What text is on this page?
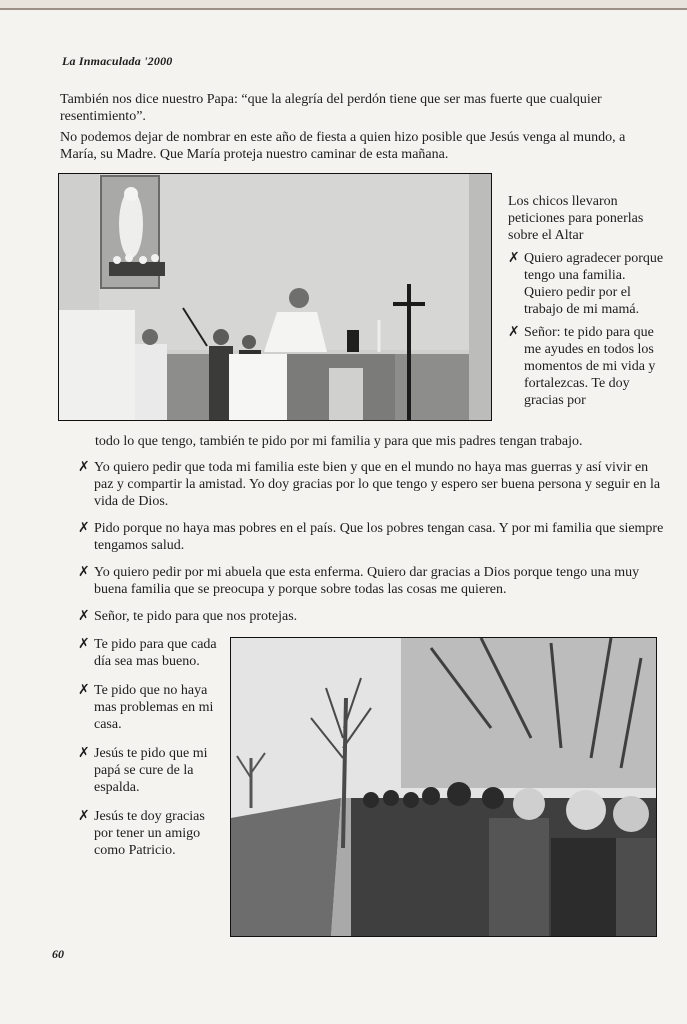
La Inmaculada '2000

También nos dice nuestro Papa: “que la alegría del perdón tiene que ser mas fuerte que cualquier resentimiento”.

No podemos dejar de nombrar en este año de fiesta a quien hizo posible que Jesús venga al mundo, a María, su Madre. Que María proteja nuestro caminar de esta mañana.

Los chicos llevaron peticiones para ponerlas sobre el Altar

✗ Quiero agradecer porque tengo una familia. Quiero pedir por el trabajo de mi mamá.
✗ Señor: te pido para que me ayudes en todos los momentos de mi vida y fortalezcas. Te doy gracias por

todo lo que tengo, también te pido por mi familia y para que mis padres tengan trabajo.

✗ Yo quiero pedir que toda mi familia este bien y que en el mundo no haya mas guerras y así vivir en paz y compartir la amistad. Yo doy gracias por lo que tengo y espero ser buena persona y seguir en la vida de Dios.
✗ Pido porque no haya mas pobres en el país. Que los pobres tengan casa. Y por mi familia que siempre tengamos salud.
✗ Yo quiero pedir por mi abuela que esta enferma. Quiero dar gracias a Dios porque tengo una muy buena familia que se preocupa y porque sobre todas las cosas me quieren.
✗ Señor, te pido para que nos protejas.
✗ Te pido para que cada día sea mas bueno.
✗ Te pido que no haya mas problemas en mi casa.
✗ Jesús te pido que mi papá se cure de la espalda.
✗ Jesús te doy gracias por tener un amigo como Patricio.
60
